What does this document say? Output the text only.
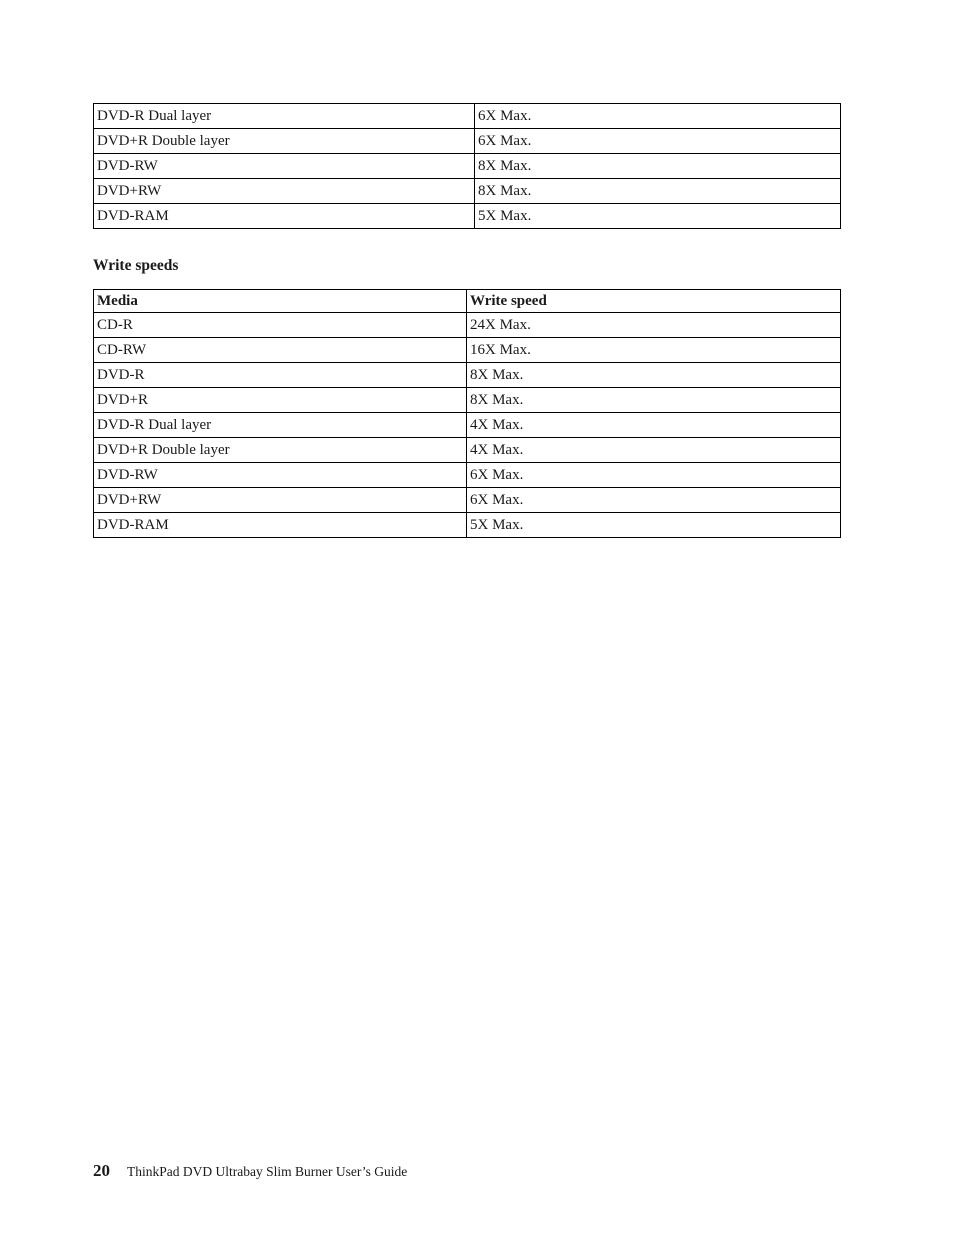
DVD-R Dual layer	6X Max.
DVD+R Double layer	6X Max.
DVD-RW	8X Max.
DVD+RW	8X Max.
DVD-RAM	5X Max.
Write speeds
Media	Write speed
CD-R	24X Max.
CD-RW	16X Max.
DVD-R	8X Max.
DVD+R	8X Max.
DVD-R Dual layer	4X Max.
DVD+R Double layer	4X Max.
DVD-RW	6X Max.
DVD+RW	6X Max.
DVD-RAM	5X Max.
20 ThinkPad DVD Ultrabay Slim Burner User’s Guide
